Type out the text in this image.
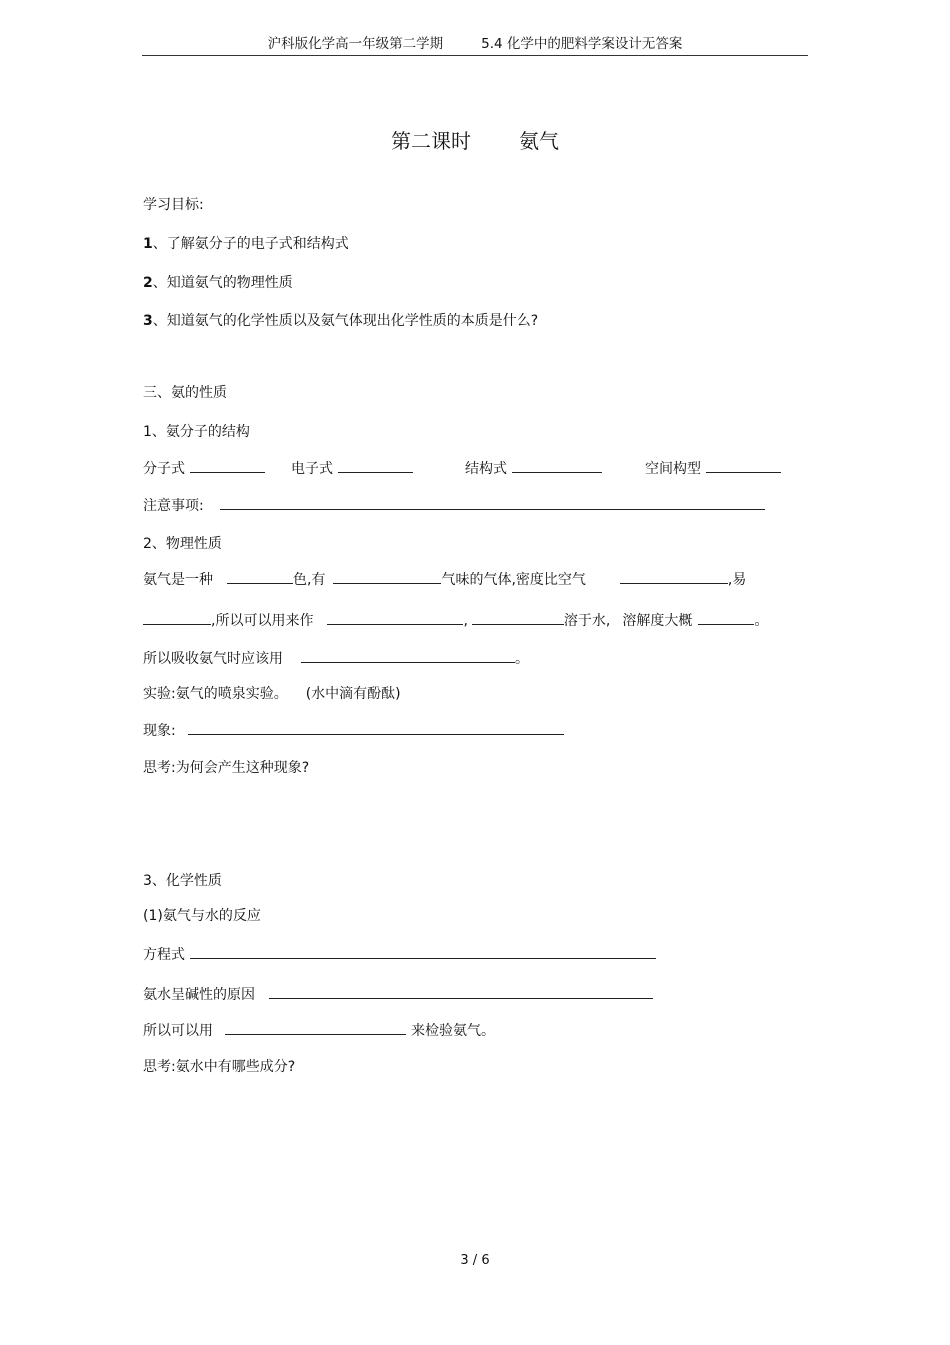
沪科版化学高一年级第二学期	5.4 化学中的肥料学案设计无答案
第二课时 氨气
学习目标:
1、了解氨分子的电子式和结构式
2、知道氨气的物理性质
3、知道氨气的化学性质以及氨气体现出化学性质的本质是什么?
三、氨的性质
1、氨分子的结构
分子式	电子式	结构式	空间构型
注意事项:
2、物理性质
氨气是一种	色,有	气味的气体,密度比空气	,易
,所以可以用来作	,	溶于水, 溶解度大概	。
所以吸收氨气时应该用	。
实验:氨气的喷泉实验。 (水中滴有酚酞)
现象:
思考:为何会产生这种现象?
3、化学性质
(1)氨气与水的反应
方程式
氨水呈碱性的原因
所以可以用	来检验氨气。
思考:氨水中有哪些成分?
3 / 6
